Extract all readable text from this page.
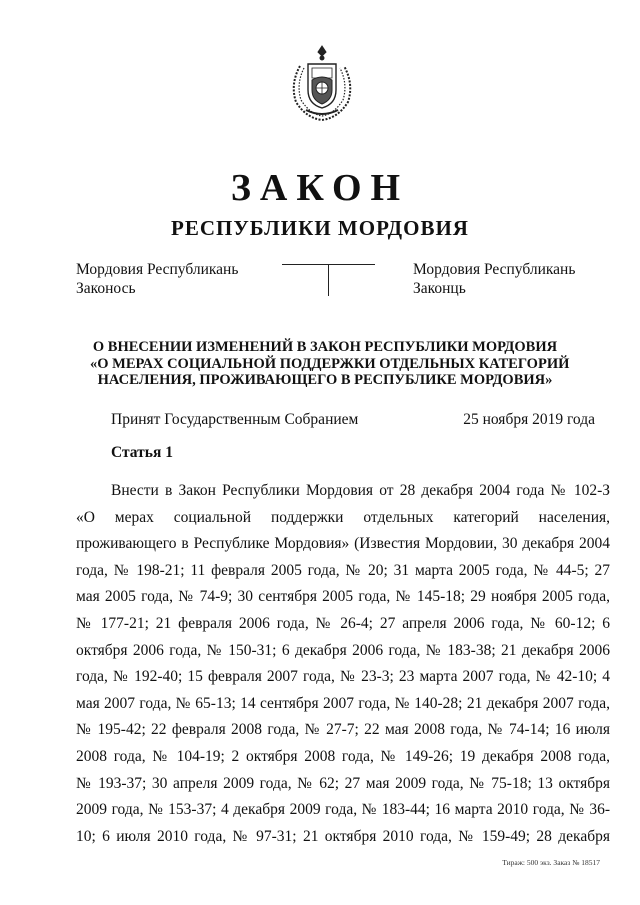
ЗАКОН
РЕСПУБЛИКИ МОРДОВИЯ
Мордовия Республикань
Законось
Мордовия Республикань
Законць
О ВНЕСЕНИИ ИЗМЕНЕНИЙ В ЗАКОН РЕСПУБЛИКИ МОРДОВИЯ
«О МЕРАХ СОЦИАЛЬНОЙ ПОДДЕРЖКИ ОТДЕЛЬНЫХ КАТЕГОРИЙ
НАСЕЛЕНИЯ, ПРОЖИВАЮЩЕГО В РЕСПУБЛИКЕ МОРДОВИЯ»
Принят Государственным Собранием	25 ноября 2019 года
Статья 1
Внести в Закон Республики Мордовия от 28 декабря 2004 года № 102-З
«О мерах социальной поддержки отдельных категорий населения,
проживающего в Республике Мордовия» (Известия Мордовии, 30 декабря 2004
года, № 198-21; 11 февраля 2005 года, № 20; 31 марта 2005 года, № 44-5; 27
мая 2005 года, № 74-9; 30 сентября 2005 года, № 145-18; 29 ноября 2005 года,
№ 177-21; 21 февраля 2006 года, № 26-4; 27 апреля 2006 года, № 60-12; 6
октября 2006 года, № 150-31; 6 декабря 2006 года, № 183-38; 21 декабря 2006
года, № 192-40; 15 февраля 2007 года, № 23-3; 23 марта 2007 года, № 42-10; 4
мая 2007 года, № 65-13; 14 сентября 2007 года, № 140-28; 21 декабря 2007 года,
№ 195-42; 22 февраля 2008 года, № 27-7; 22 мая 2008 года, № 74-14; 16 июля
2008 года, № 104-19; 2 октября 2008 года, № 149-26; 19 декабря 2008 года,
№ 193-37; 30 апреля 2009 года, № 62; 27 мая 2009 года, № 75-18; 13 октября
2009 года, № 153-37; 4 декабря 2009 года, № 183-44; 16 марта 2010 года, № 36-
10; 6 июля 2010 года, № 97-31; 21 октября 2010 года, № 159-49; 28 декабря
Тираж: 500 экз. Заказ № 18517
